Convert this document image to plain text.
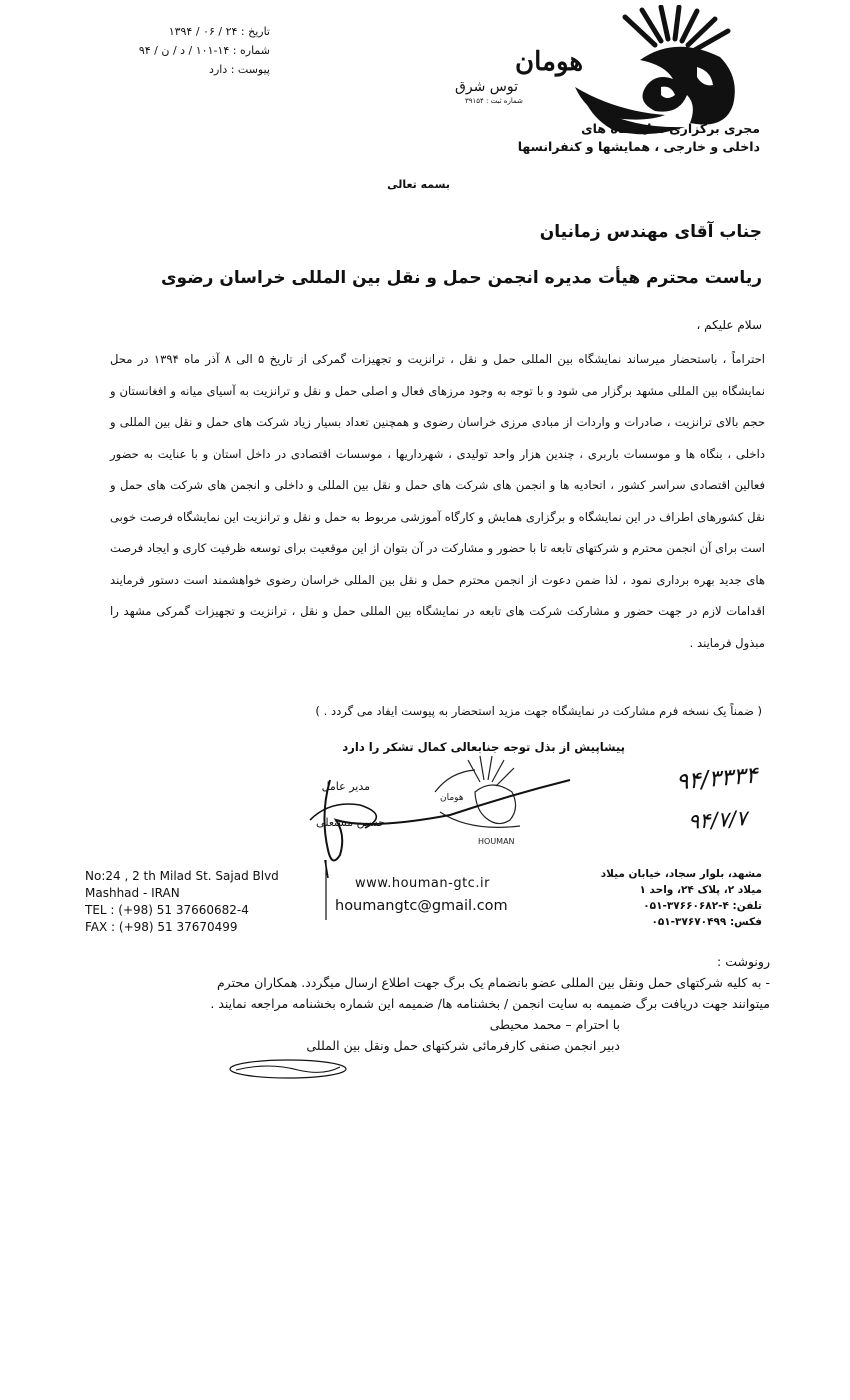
تاریخ : ۲۴ / ۰۶ / ۱۳۹۴
شماره : ۱۴-۱۰۱ / د / ن / ۹۴
پیوست : دارد	هومان
توس شرق
شماره ثبت : ۳۹۱۵۴
مجری برگزاری نمایشگاه های
داخلی و خارجی ، همایشها و کنفرانسها
بسمه تعالی
جناب آقای مهندس زمانیان
ریاست محترم هیأت مدیره انجمن حمل و نقل بین المللی خراسان رضوی
سلام علیکم ،

احتراماً ، باستحضار میرساند نمایشگاه بین المللی حمل و نقل ، ترانزیت و تجهیزات گمرکی از تاریخ ۵ الی ۸ آذر ماه ۱۳۹۴ در محل نمایشگاه بین المللی مشهد برگزار می شود و با توجه به وجود مرزهای فعال و اصلی حمل و نقل و ترانزیت به آسیای میانه و افغانستان و حجم بالای ترانزیت ، صادرات و واردات از مبادی مرزی خراسان رضوی و همچنین تعداد بسیار زیاد شرکت های حمل و نقل بین المللی و داخلی ، بنگاه ها و موسسات باربری ، چندین هزار واحد تولیدی ، شهرداریها ، موسسات اقتصادی در داخل استان و با عنایت به حضور فعالین اقتصادی سراسر کشور ، اتحادیه ها و انجمن های شرکت های حمل و نقل بین المللی و داخلی و انجمن های شرکت های حمل و نقل کشورهای اطراف در این نمایشگاه و برگزاری همایش و کارگاه آموزشی مربوط به حمل و نقل و ترانزیت این نمایشگاه فرصت خوبی است برای آن انجمن محترم و شرکتهای تابعه تا با حضور و مشارکت در آن بتوان از این موقعیت برای توسعه ظرفیت کاری و ایجاد فرصت های جدید بهره برداری نمود ، لذا ضمن دعوت از انجمن محترم حمل و نقل بین المللی خراسان رضوی خواهشمند است دستور فرمایند اقدامات لازم در جهت حضور و مشارکت شرکت های تابعه در نمایشگاه بین المللی حمل و نقل ، ترانزیت و تجهیزات گمرکی مشهد را مبذول فرمایند .

( ضمناً یک نسخه فرم مشارکت در نمایشگاه جهت مزید استحضار به پیوست ایفاد می گردد . )
پیشاپیش از بذل توجه جنابعالی کمال تشکر را دارد
مدیر عامل
حسین مستعلی
هومان
HOUMAN
۹۴/۳۳۳۴
۹۴/۷/۷
No:24 , 2 th Milad St. Sajad Blvd
Mashhad - IRAN
TEL : (+98) 51 37660682-4
FAX : (+98) 51 37670499
www.houman-gtc.ir
houmangtc@gmail.com
مشهد، بلوار سجاد، خیابان میلاد
میلاد ۲، پلاک ۲۴، واحد ۱
تلفن: ۴-۳۷۶۶۰۶۸۲-۰۵۱
فکس: ۳۷۶۷۰۴۹۹-۰۵۱
رونوشت :
- به کلیه شرکتهای حمل ونقل بین المللی عضو بانضمام یک برگ جهت اطلاع ارسال میگردد. همکاران محترم
میتوانند جهت دریافت برگ ضمیمه به سایت انجمن / بخشنامه ها/ ضمیمه این شماره بخشنامه مراجعه نمایند .
با احترام – محمد محیطی
دبیر انجمن صنفی کارفرمائی شرکتهای حمل ونقل بین المللی
